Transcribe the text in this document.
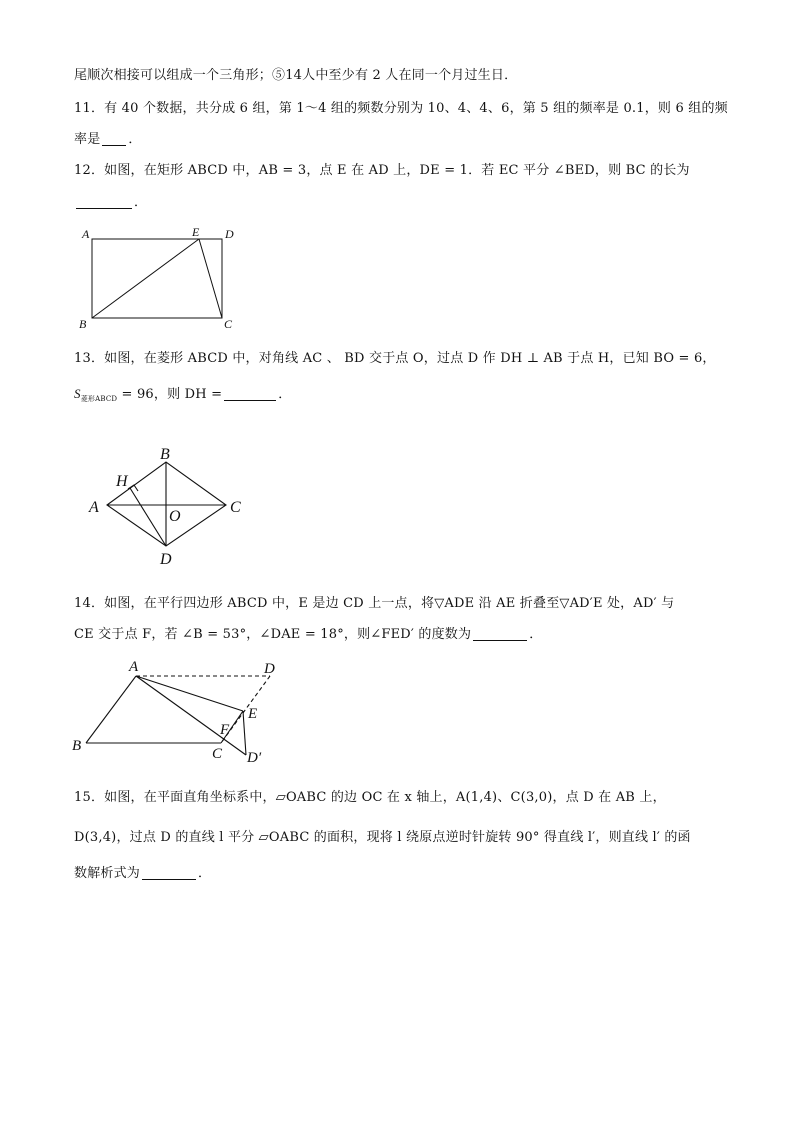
尾顺次相接可以组成一个三角形；⑤14人中至少有 2 人在同一个月过生日．
11．有 40 个数据，共分成 6 组，第 1～4 组的频数分别为 10、4、4、6，第 5 组的频率是 0.1，则 6 组的频
率是 ．
12．如图，在矩形 ABCD 中，AB = 3，点 E 在 AD 上，DE = 1．若 EC 平分 ∠BED，则 BC 的长为
．
A
B	C
D
E
13．如图，在菱形 ABCD 中，对角线 AC 、 BD 交于点 O，过点 D 作 DH ⊥ AB 于点 H，已知 BO = 6，
$S_{菱形ABCD} = 96$，则 DH =	．
A
B
C
D
H
O
14．如图，在平行四边形 ABCD 中，E 是边 CD 上一点，将▽ADE 沿 AE 折叠至▽AD′E 处，AD′ 与
CE 交于点 F，若 ∠B = 53°，∠DAE = 18°，则∠FED′ 的度数为	．
A
B	C
D
E
F
D′
15．如图，在平面直角坐标系中，▱OABC 的边 OC 在 x 轴上，A(1,4)、C(3,0)，点 D 在 AB 上，
D(3,4)，过点 D 的直线 l 平分 ▱OABC 的面积，现将 l 绕原点逆时针旋转 90° 得直线 l′，则直线 l′ 的函
数解析式为	．
